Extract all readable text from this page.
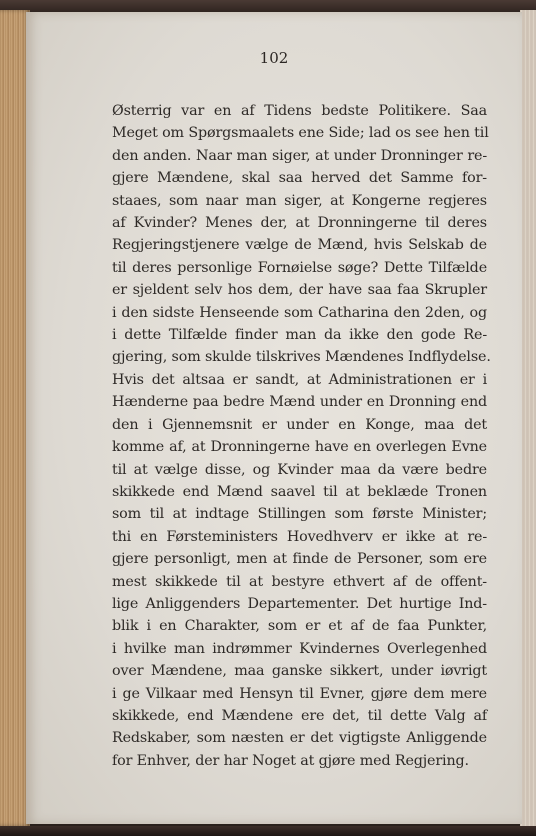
102
Østerrig var en af Tidens bedste Politikere. Saa
Meget om Spørgsmaalets ene Side; lad os see hen til
den anden. Naar man siger, at under Dronninger re-
gjere Mændene, skal saa herved det Samme for-
staaes, som naar man siger, at Kongerne regjeres
af Kvinder? Menes der, at Dronningerne til deres
Regjeringstjenere vælge de Mænd, hvis Selskab de
til deres personlige Fornøielse søge? Dette Tilfælde
er sjeldent selv hos dem, der have saa faa Skrupler
i den sidste Henseende som Catharina den 2den, og
i dette Tilfælde finder man da ikke den gode Re-
gjering, som skulde tilskrives Mændenes Indflydelse.
Hvis det altsaa er sandt, at Administrationen er i
Hænderne paa bedre Mænd under en Dronning end
den i Gjennemsnit er under en Konge, maa det
komme af, at Dronningerne have en overlegen Evne
til at vælge disse, og Kvinder maa da være bedre
skikkede end Mænd saavel til at beklæde Tronen
som til at indtage Stillingen som første Minister;
thi en Førsteministers Hovedhverv er ikke at re-
gjere personligt, men at finde de Personer, som ere
mest skikkede til at bestyre ethvert af de offent-
lige Anliggenders Departementer. Det hurtige Ind-
blik i en Charakter, som er et af de faa Punkter,
i hvilke man indrømmer Kvindernes Overlegenhed
over Mændene, maa ganske sikkert, under iøvrigt
i ge Vilkaar med Hensyn til Evner, gjøre dem mere
skikkede, end Mændene ere det, til dette Valg af
Redskaber, som næsten er det vigtigste Anliggende
for Enhver, der har Noget at gjøre med Regjering.
